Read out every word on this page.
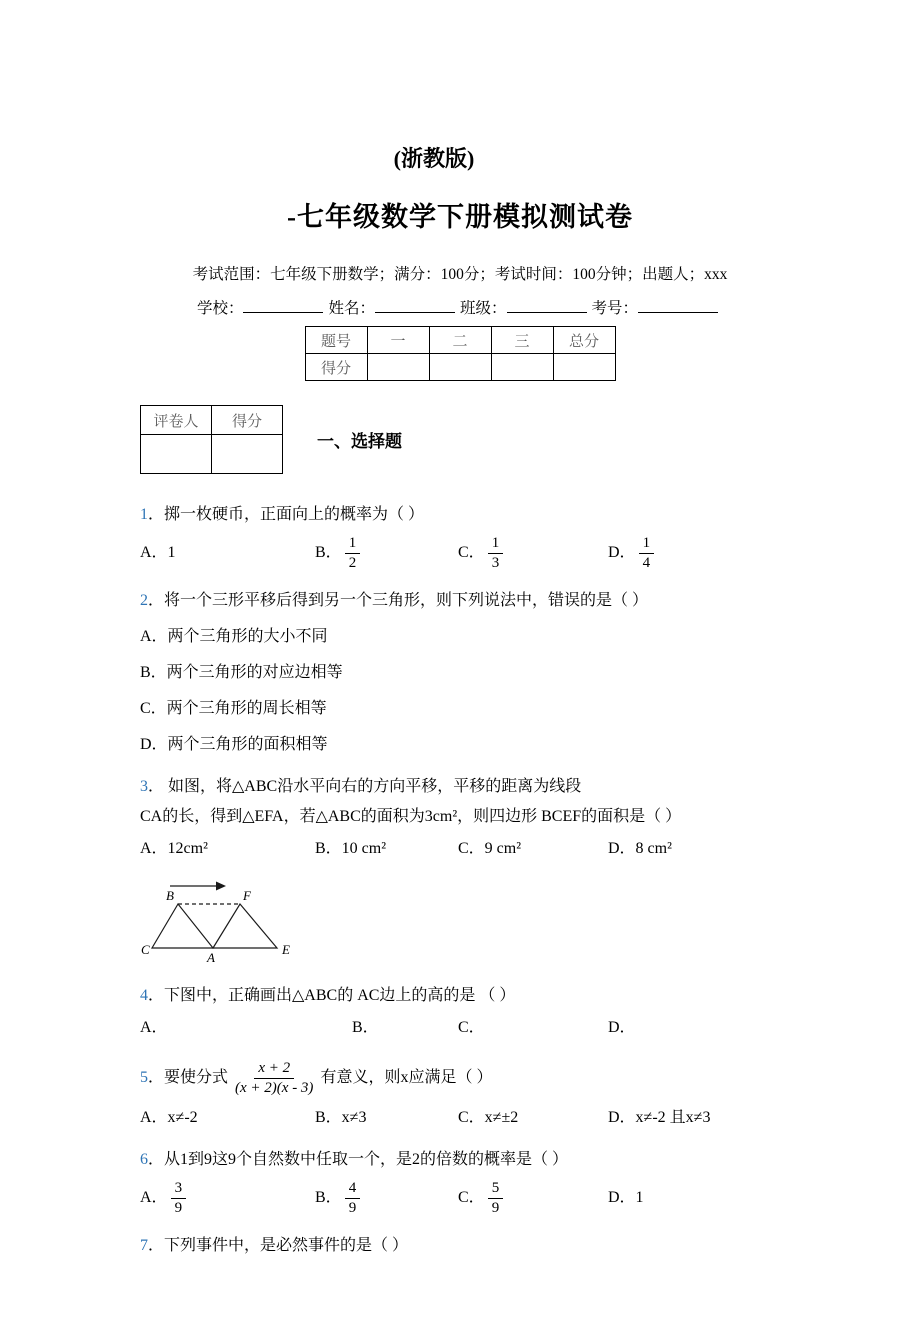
(浙教版)
-七年级数学下册模拟测试卷
考试范围：七年级下册数学；满分：100分；考试时间：100分钟；出题人；xxx
学校：	姓名：	班级：	考号：
题号	一	二	三	总分
得分				
评卷人	得分

一、选择题
1．掷一枚硬币，正面向上的概率为（ ）
A．1	B． $\frac{1}{2}$	C． $\frac{1}{3}$	D． $\frac{1}{4}$
2．将一个三形平移后得到另一个三角形，则下列说法中，错误的是（ ）
A．两个三角形的大小不同
B．两个三角形的对应边相等
C．两个三角形的周长相等
D．两个三角形的面积相等
3． 如图，将△ABC沿水平向右的方向平移，平移的距离为线段
CA的长，得到△EFA，若△ABC的面积为3cm²，则四边形 BCEF的面积是（ ）
A．12cm²	B．10 cm²	C．9 cm²	D．8 cm²
B	F
C
A
E
4．下图中，正确画出△ABC的 AC边上的高的是 （ ）
A．	B．	C．	D．
5 ．要使分式 $\frac{x + 2}{(x + 2)(x - 3)}$ 有意义，则x应满足（ ）
A．x≠-2	B．x≠3	C．x≠±2	D．x≠-2 且x≠3
6．从1到9这9个自然数中任取一个，是2的倍数的概率是（ ）
A． $\frac{3}{9}$	B． $\frac{4}{9}$	C． $\frac{5}{9}$	D．1
7．下列事件中，是必然事件的是（ ）
